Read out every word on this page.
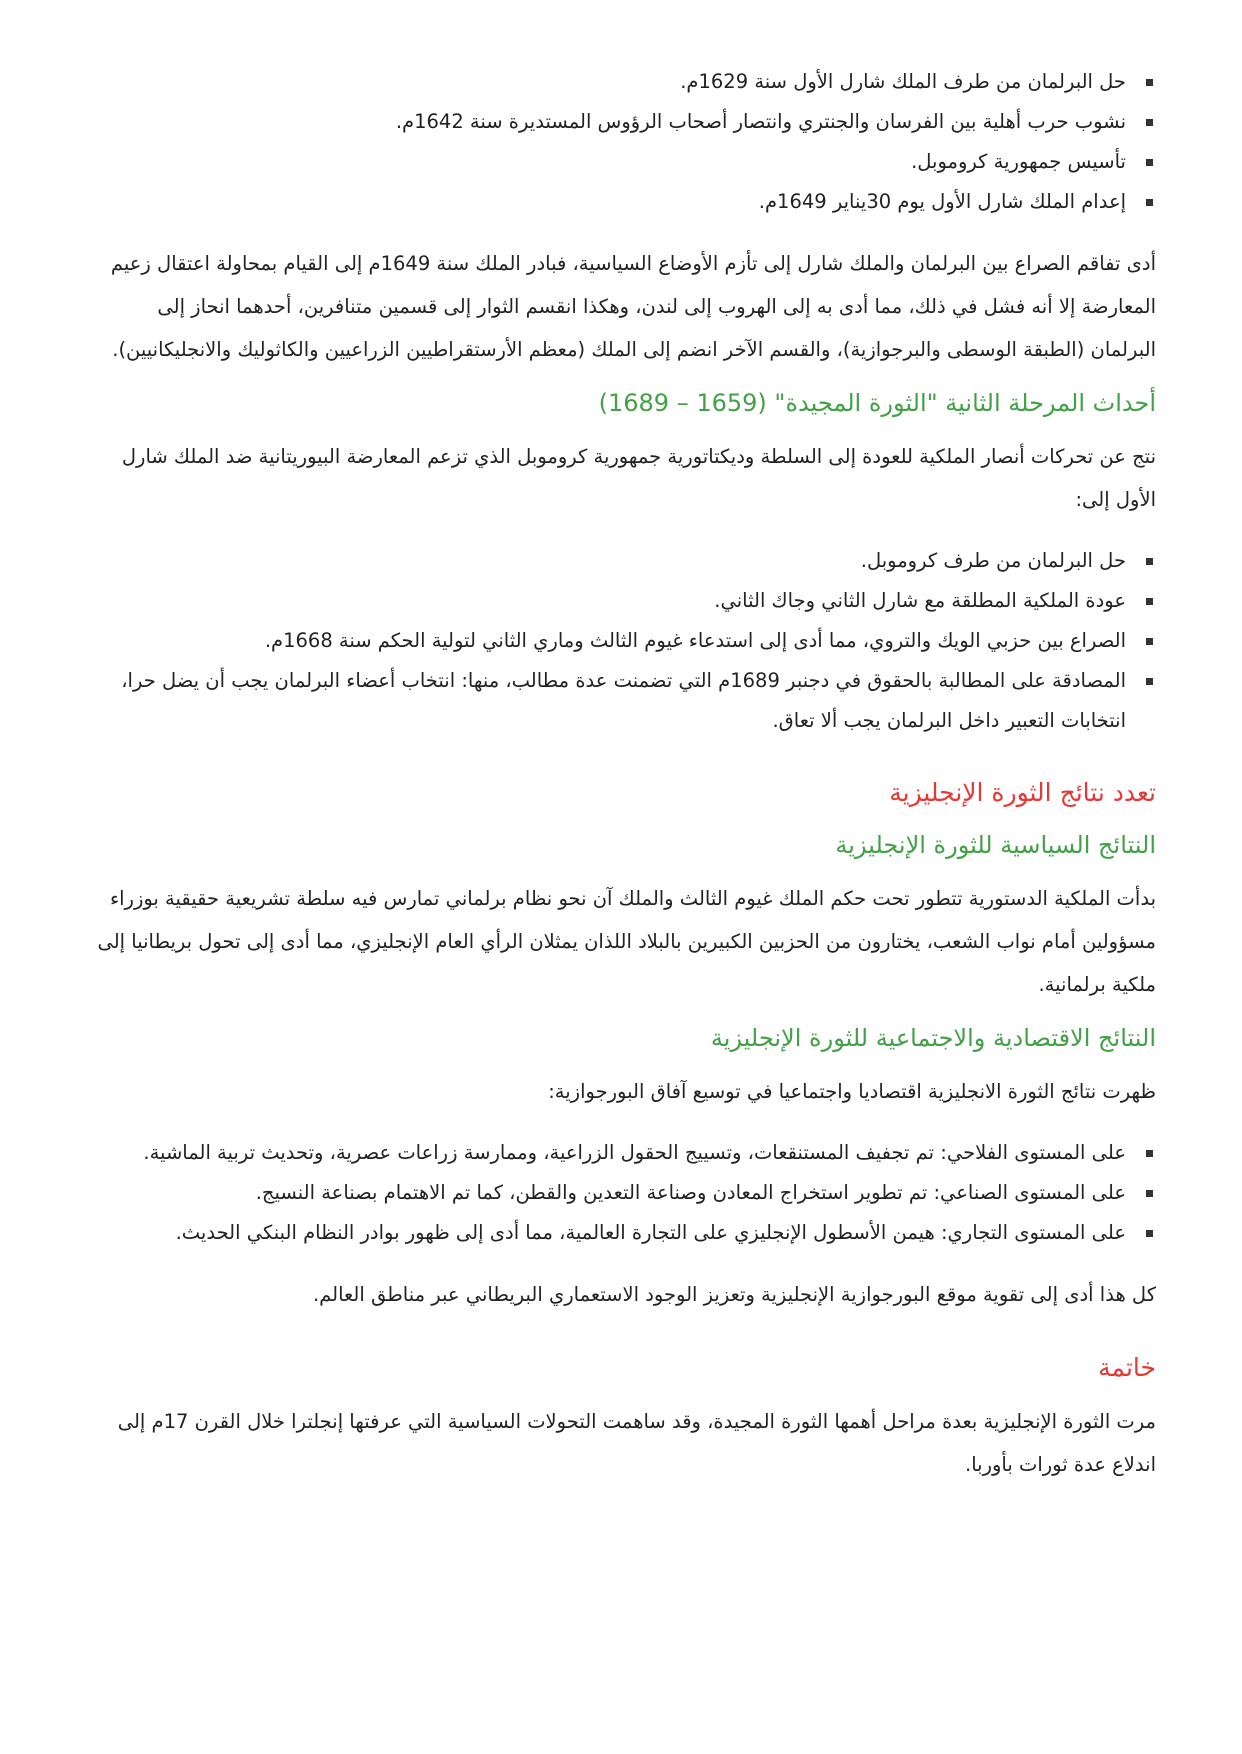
حل البرلمان من طرف الملك شارل الأول سنة 1629م.
نشوب حرب أهلية بين الفرسان والجنتري وانتصار أصحاب الرؤوس المستديرة سنة 1642م.
تأسيس جمهورية كروموبل.
إعدام الملك شارل الأول يوم 30يناير 1649م.

أدى تفاقم الصراع بين البرلمان والملك شارل إلى تأزم الأوضاع السياسية، فبادر الملك سنة 1649م إلى القيام بمحاولة اعتقال زعيم المعارضة إلا أنه فشل في ذلك، مما أدى به إلى الهروب إلى لندن، وهكذا انقسم الثوار إلى قسمين متنافرين، أحدهما انحاز إلى البرلمان (الطبقة الوسطى والبرجوازية)، والقسم الآخر انضم إلى الملك (معظم الأرستقراطيين الزراعيين والكاثوليك والانجليكانيين).

أحداث المرحلة الثانية "الثورة المجيدة" (1659 – 1689)

نتج عن تحركات أنصار الملكية للعودة إلى السلطة وديكتاتورية جمهورية كروموبل الذي تزعم المعارضة البيوريتانية ضد الملك شارل الأول إلى:

حل البرلمان من طرف كروموبل.
عودة الملكية المطلقة مع شارل الثاني وجاك الثاني.
الصراع بين حزبي الويك والتروي، مما أدى إلى استدعاء غيوم الثالث وماري الثاني لتولية الحكم سنة 1668م.
المصادقة على المطالبة بالحقوق في دجنبر 1689م التي تضمنت عدة مطالب، منها: انتخاب أعضاء البرلمان يجب أن يضل حرا، انتخابات التعبير داخل البرلمان يجب ألا تعاق.
تعدد نتائج الثورة الإنجليزية
النتائج السياسية للثورة الإنجليزية

بدأت الملكية الدستورية تتطور تحت حكم الملك غيوم الثالث والملك آن نحو نظام برلماني تمارس فيه سلطة تشريعية حقيقية بوزراء مسؤولين أمام نواب الشعب، يختارون من الحزبين الكبيرين بالبلاد اللذان يمثلان الرأي العام الإنجليزي، مما أدى إلى تحول بريطانيا إلى ملكية برلمانية.

النتائج الاقتصادية والاجتماعية للثورة الإنجليزية

ظهرت نتائج الثورة الانجليزية اقتصاديا واجتماعيا في توسيع آفاق البورجوازية:

على المستوى الفلاحي: تم تجفيف المستنقعات، وتسييج الحقول الزراعية، وممارسة زراعات عصرية، وتحديث تربية الماشية.
على المستوى الصناعي: تم تطوير استخراج المعادن وصناعة التعدين والقطن، كما تم الاهتمام بصناعة النسيج.
على المستوى التجاري: هيمن الأسطول الإنجليزي على التجارة العالمية، مما أدى إلى ظهور بوادر النظام البنكي الحديث.

كل هذا أدى إلى تقوية موقع البورجوازية الإنجليزية وتعزيز الوجود الاستعماري البريطاني عبر مناطق العالم.

خاتمة

مرت الثورة الإنجليزية بعدة مراحل أهمها الثورة المجيدة، وقد ساهمت التحولات السياسية التي عرفتها إنجلترا خلال القرن 17م إلى اندلاع عدة ثورات بأوربا.
